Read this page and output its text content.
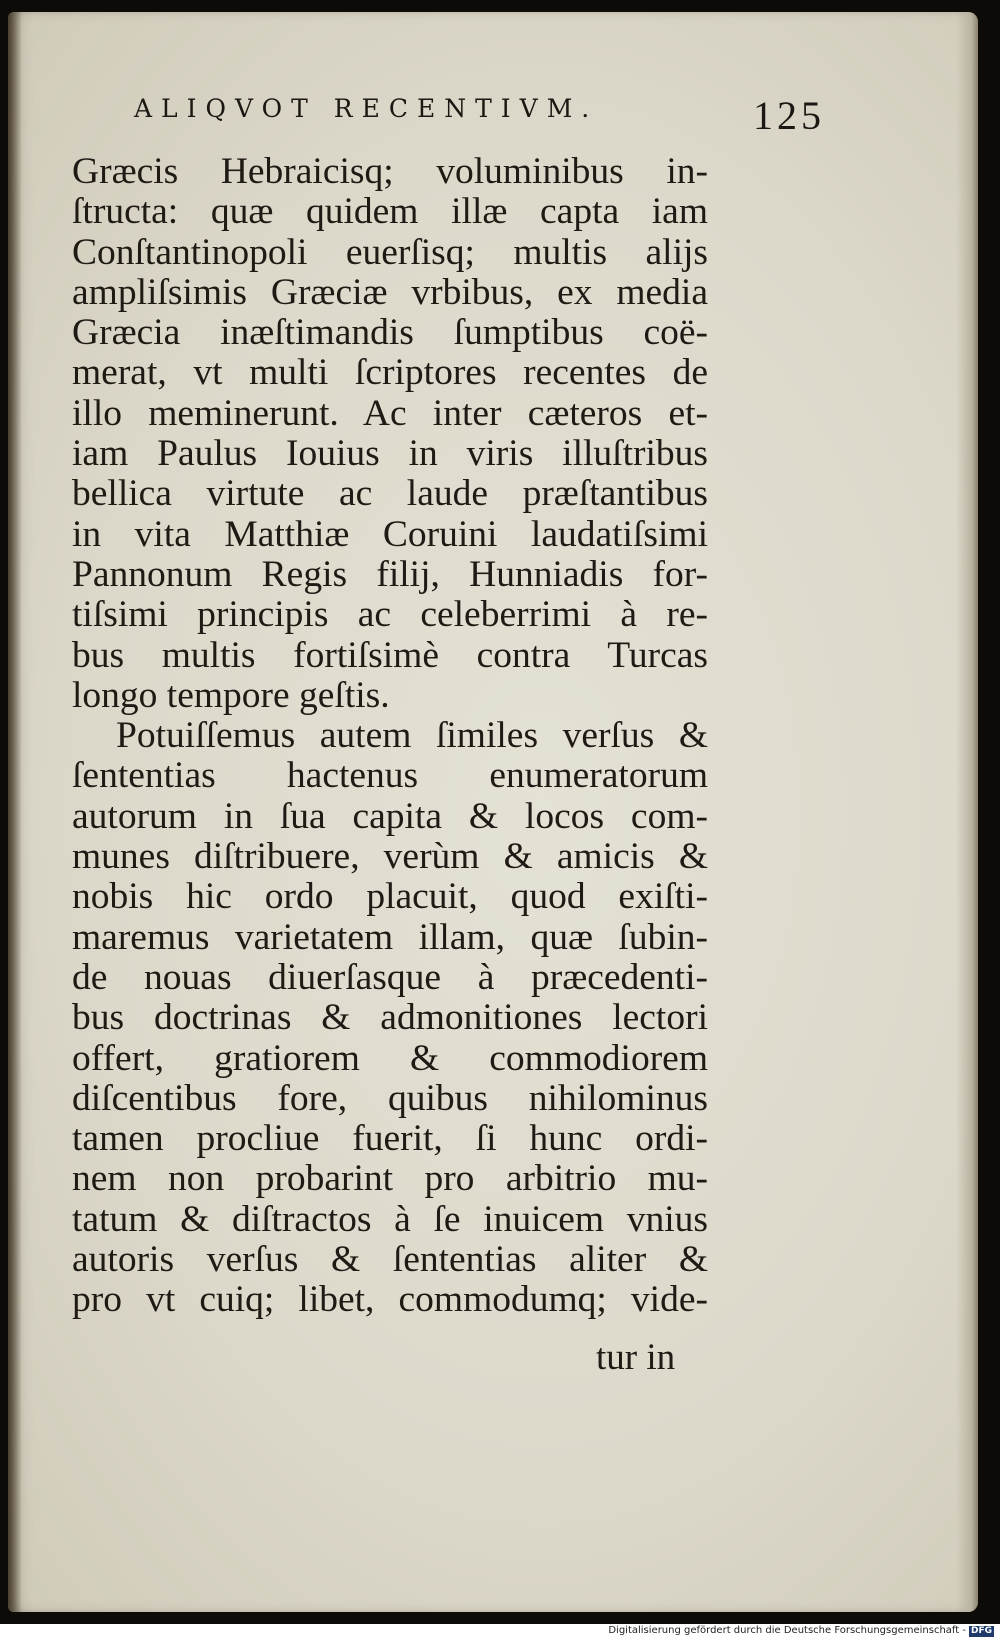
ALIQVOT RECENTIVM.	125
Græcis Hebraicisq; voluminibus in-
ſtructa: quæ quidem illæ capta iam
Conſtantinopoli euerſisq; multis alijs
ampliſsimis Græciæ vrbibus, ex media
Græcia inæſtimandis ſumptibus coë-
merat, vt multi ſcriptores recentes de
illo meminerunt. Ac inter cæteros et-
iam Paulus Iouius in viris illuſtribus
bellica virtute ac laude præſtantibus
in vita Matthiæ Coruini laudatiſsimi
Pannonum Regis filij, Hunniadis for-
tiſsimi principis ac celeberrimi à re-
bus multis fortiſsimè contra Turcas
longo tempore geſtis.
Potuiſſemus autem ſimiles verſus &
ſententias hactenus enumeratorum
autorum in ſua capita & locos com-
munes diſtribuere, verùm & amicis &
nobis hic ordo placuit, quod exiſti-
maremus varietatem illam, quæ ſubin-
de nouas diuerſasque à præcedenti-
bus doctrinas & admonitiones lectori
offert, gratiorem & commodiorem
diſcentibus fore, quibus nihilominus
tamen procliue fuerit, ſi hunc ordi-
nem non probarint pro arbitrio mu-
tatum & diſtractos à ſe inuicem vnius
autoris verſus & ſententias aliter &
pro vt cuiq; libet, commodumq; vide-
tur in
Digitalisierung gefördert durch die Deutsche Forschungsgemeinschaft - DFG
